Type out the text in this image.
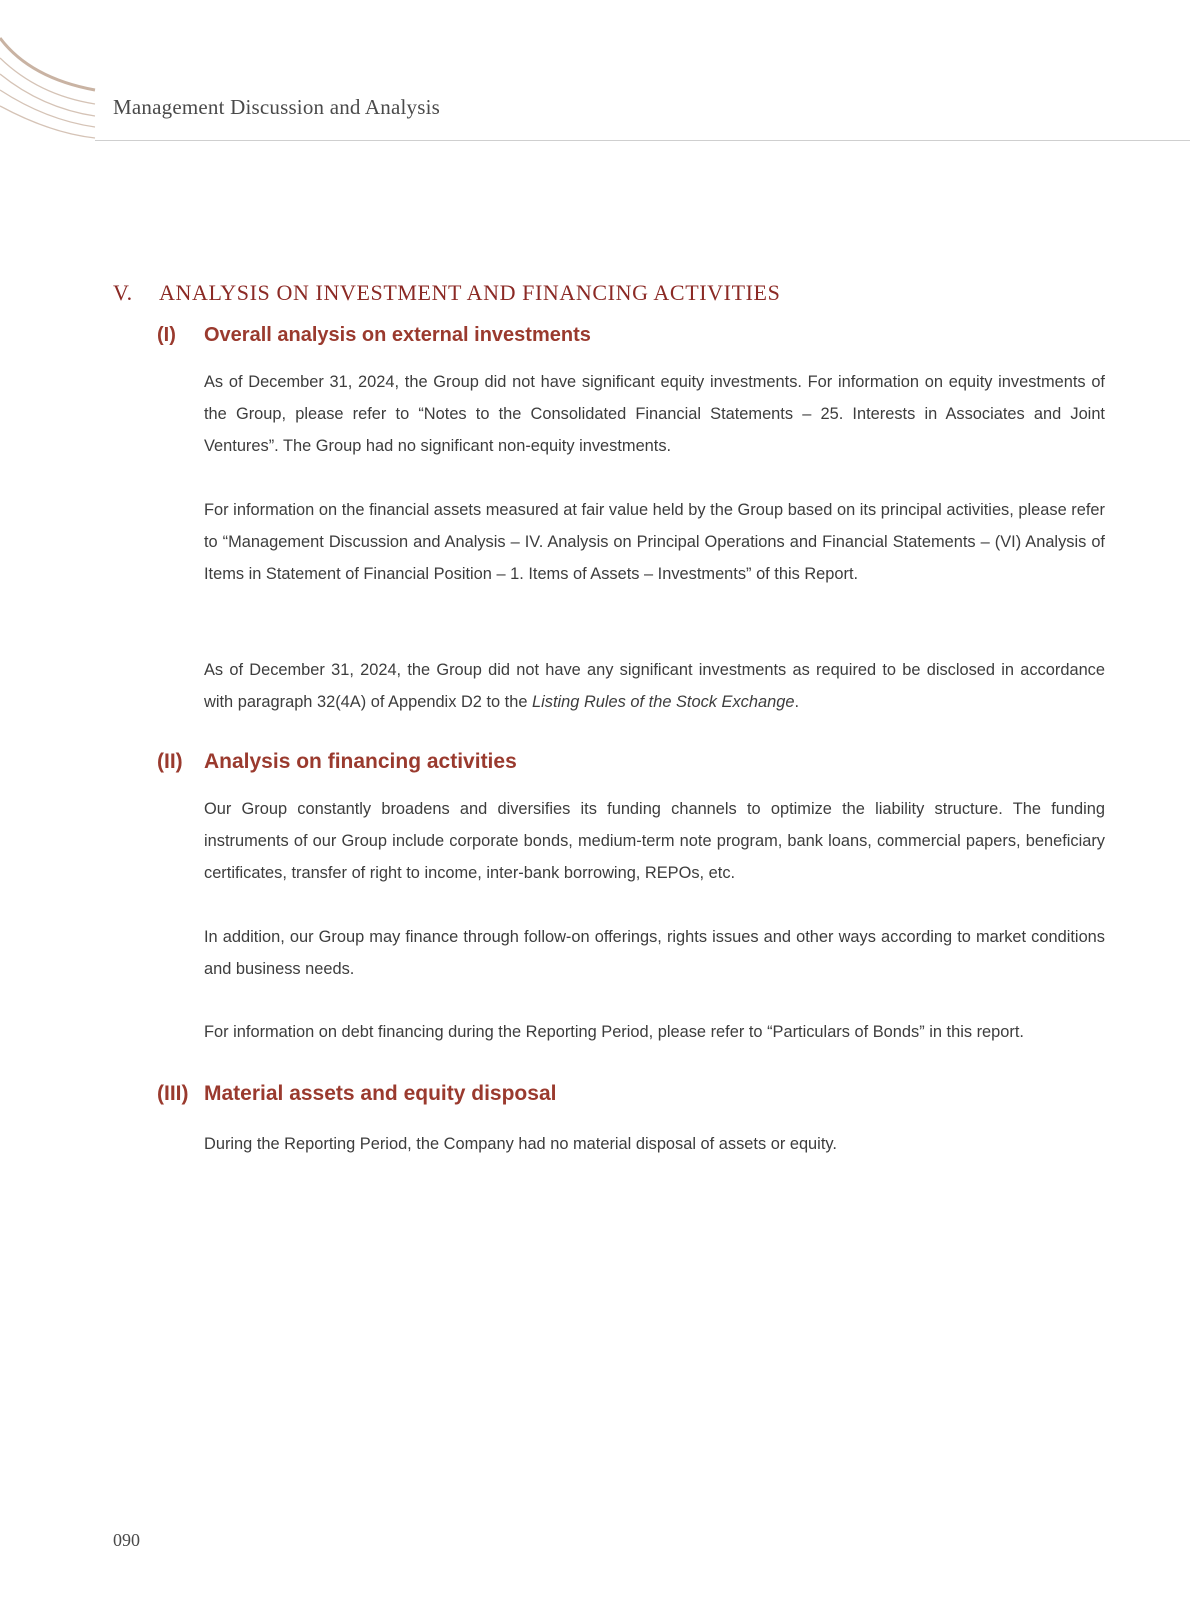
Management Discussion and Analysis
V. ANALYSIS ON INVESTMENT AND FINANCING ACTIVITIES
(I) Overall analysis on external investments

As of December 31, 2024, the Group did not have significant equity investments. For information on equity investments of the Group, please refer to “Notes to the Consolidated Financial Statements – 25. Interests in Associates and Joint Ventures”. The Group had no significant non-equity investments.

For information on the financial assets measured at fair value held by the Group based on its principal activities, please refer to “Management Discussion and Analysis – IV. Analysis on Principal Operations and Financial Statements – (VI) Analysis of Items in Statement of Financial Position – 1. Items of Assets – Investments” of this Report.

As of December 31, 2024, the Group did not have any significant investments as required to be disclosed in accordance with paragraph 32(4A) of Appendix D2 to the Listing Rules of the Stock Exchange.

(II) Analysis on financing activities

Our Group constantly broadens and diversifies its funding channels to optimize the liability structure. The funding instruments of our Group include corporate bonds, medium-term note program, bank loans, commercial papers, beneficiary certificates, transfer of right to income, inter-bank borrowing, REPOs, etc.

In addition, our Group may finance through follow-on offerings, rights issues and other ways according to market conditions and business needs.

For information on debt financing during the Reporting Period, please refer to “Particulars of Bonds” in this report.

(III) Material assets and equity disposal

During the Reporting Period, the Company had no material disposal of assets or equity.

090
